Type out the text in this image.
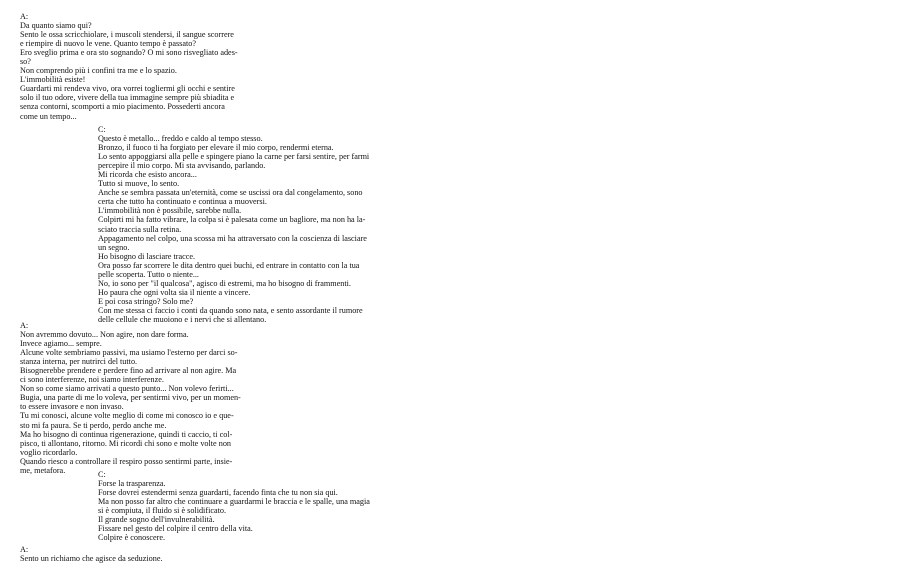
A:
Da quanto siamo qui?
Sento le ossa scricchiolare, i muscoli stendersi, il sangue scorrere
e riempire di nuovo le vene. Quanto tempo è passato?
Ero sveglio prima e ora sto sognando? O mi sono risvegliato ades-
so?
Non comprendo più i confini tra me e lo spazio.
L'immobilità esiste!
Guardarti mi rendeva vivo, ora vorrei togliermi gli occhi e sentire
solo il tuo odore, vivere della tua immagine sempre più sbiadita e
senza contorni, scomporti a mio piacimento. Possederti ancora
come un tempo...
C:
Questo è metallo... freddo e caldo al tempo stesso.
Bronzo, il fuoco ti ha forgiato per elevare il mio corpo, rendermi eterna.
Lo sento appoggiarsi alla pelle e spingere piano la carne per farsi sentire, per farmi
percepire il mio corpo. Mi sta avvisando, parlando.
Mi ricorda che esisto ancora...
Tutto si muove, lo sento.
Anche se sembra passata un'eternità, come se uscissi ora dal congelamento, sono
certa che tutto ha continuato e continua a muoversi.
L'immobilità non è possibile, sarebbe nulla.
Colpirti mi ha fatto vibrare, la colpa si è palesata come un bagliore, ma non ha la-
sciato traccia sulla retina.
Appagamento nel colpo, una scossa mi ha attraversato con la coscienza di lasciare
un segno.
Ho bisogno di lasciare tracce.
Ora posso far scorrere le dita dentro quei buchi, ed entrare in contatto con la tua
pelle scoperta. Tutto o niente...
No, io sono per "il qualcosa", agisco di estremi, ma ho bisogno di frammenti.
Ho paura che ogni volta sia il niente a vincere.
E poi cosa stringo? Solo me?
Con me stessa ci faccio i conti da quando sono nata, e sento assordante il rumore
delle cellule che muoiono e i nervi che si allentano.
A:
Non avremmo dovuto... Non agire, non dare forma.
Invece agiamo... sempre.
Alcune volte sembriamo passivi, ma usiamo l'esterno per darci so-
stanza interna, per nutrirci del tutto.
Bisognerebbe prendere e perdere fino ad arrivare al non agire. Ma
ci sono interferenze, noi siamo interferenze.
Non so come siamo arrivati a questo punto... Non volevo ferirti...
Bugia, una parte di me lo voleva, per sentirmi vivo, per un momen-
to essere invasore e non invaso.
Tu mi conosci, alcune volte meglio di come mi conosco io e que-
sto mi fa paura. Se ti perdo, perdo anche me.
Ma ho bisogno di continua rigenerazione, quindi ti caccio, ti col-
pisco, ti allontano, ritorno. Mi ricordi chi sono e molte volte non
voglio ricordarlo.
Quando riesco a controllare il respiro posso sentirmi parte, insie-
me, metafora.	C:
Forse la trasparenza.
Forse dovrei estendermi senza guardarti, facendo finta che tu non sia qui.
Ma non posso far altro che continuare a guardarmi le braccia e le spalle, una magia
si è compiuta, il fluido si è solidificato.
Il grande sogno dell'invulnerabilità.
Fissare nel gesto del colpire il centro della vita.
Colpire è conoscere.
A:
Sento un richiamo che agisce da seduzione.
